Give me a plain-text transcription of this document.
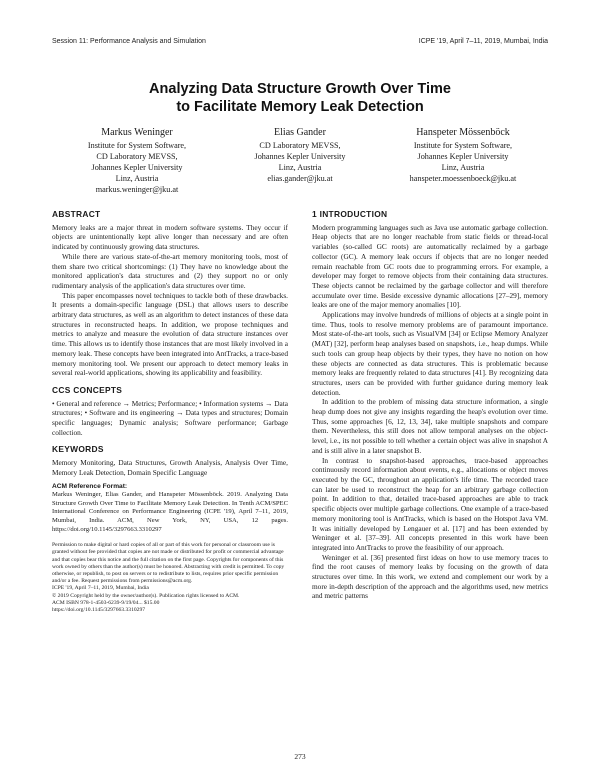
Session 11: Performance Analysis and Simulation	ICPE '19, April 7–11, 2019, Mumbai, India
Analyzing Data Structure Growth Over Time
to Facilitate Memory Leak Detection
Markus Weninger
Institute for System Software,
CD Laboratory MEVSS,
Johannes Kepler University
Linz, Austria
markus.weninger@jku.at
Elias Gander
CD Laboratory MEVSS,
Johannes Kepler University
Linz, Austria
elias.gander@jku.at
Hanspeter Mössenböck
Institute for System Software,
Johannes Kepler University
Linz, Austria
hanspeter.moessenboeck@jku.at
ABSTRACT

Memory leaks are a major threat in modern software systems. They occur if objects are unintentionally kept alive longer than necessary and are often indicated by continuously growing data structures.

While there are various state-of-the-art memory monitoring tools, most of them share two critical shortcomings: (1) They have no knowledge about the monitored application's data structures and (2) they support no or only rudimentary analysis of the application's data structures over time.

This paper encompasses novel techniques to tackle both of these drawbacks. It presents a domain-specific language (DSL) that allows users to describe arbitrary data structures, as well as an algorithm to detect instances of these data structures in reconstructed heaps. In addition, we propose techniques and metrics to analyze and measure the evolution of data structure instances over time. This allows us to identify those instances that are most likely involved in a memory leak. These concepts have been integrated into AntTracks, a trace-based memory monitoring tool. We present our approach to detect memory leaks in several real-world applications, showing its applicability and feasibility.

CCS CONCEPTS

• General and reference → Metrics; Performance; • Information systems → Data structures; • Software and its engineering → Data types and structures; Domain specific languages; Dynamic analysis; Software performance; Garbage collection.

KEYWORDS

Memory Monitoring, Data Structures, Growth Analysis, Analysis Over Time, Memory Leak Detection, Domain Specific Language

ACM Reference Format:
Markus Weninger, Elias Gander, and Hanspeter Mössenböck. 2019. Analyzing Data Structure Growth Over Time to Facilitate Memory Leak Detection. In Tenth ACM/SPEC International Conference on Performance Engineering (ICPE '19), April 7–11, 2019, Mumbai, India. ACM, New York, NY, USA, 12 pages. https://doi.org/10.1145/3297663.3310297
Permission to make digital or hard copies of all or part of this work for personal or classroom use is granted without fee provided that copies are not made or distributed for profit or commercial advantage and that copies bear this notice and the full citation on the first page. Copyrights for components of this work owned by others than the author(s) must be honored. Abstracting with credit is permitted. To copy otherwise, or republish, to post on servers or to redistribute to lists, requires prior specific permission and/or a fee. Request permissions from permissions@acm.org.
ICPE '19, April 7–11, 2019, Mumbai, India
© 2019 Copyright held by the owner/author(s). Publication rights licensed to ACM.
ACM ISBN 978-1-4503-6239-9/19/04... $15.00
https://doi.org/10.1145/3297663.3310297
1 INTRODUCTION

Modern programming languages such as Java use automatic garbage collection. Heap objects that are no longer reachable from static fields or thread-local variables (so-called GC roots) are automatically reclaimed by a garbage collector (GC). A memory leak occurs if objects that are no longer needed remain reachable from GC roots due to programming errors. For example, a developer may forget to remove objects from their containing data structures. These objects cannot be reclaimed by the garbage collector and will therefore accumulate over time. Beside excessive dynamic allocations [27–29], memory leaks are one of the major memory anomalies [10].

Applications may involve hundreds of millions of objects at a single point in time. Thus, tools to resolve memory problems are of paramount importance. Most state-of-the-art tools, such as VisualVM [34] or Eclipse Memory Analyzer (MAT) [32], perform heap analyses based on snapshots, i.e., heap dumps. While such tools can group heap objects by their types, they have no notion on how these objects are connected as data structures. This is problematic because memory leaks are frequently related to data structures [41]. By recognizing data structures, users can be provided with further guidance during memory leak detection.

In addition to the problem of missing data structure information, a single heap dump does not give any insights regarding the heap's evolution over time. Thus, some approaches [6, 12, 13, 34], take multiple snapshots and compare them. Nevertheless, this still does not allow temporal analyses on the object-level, i.e., its not possible to tell whether a certain object was alive in snapshot A and is still alive in a later snapshot B.

In contrast to snapshot-based approaches, trace-based approaches continuously record information about events, e.g., allocations or object moves executed by the GC, throughout an application's life time. The recorded trace can later be used to reconstruct the heap for an arbitrary garbage collection point. In addition to that, detailed trace-based approaches are able to track specific objects over multiple garbage collections. One example of a trace-based memory monitoring tool is AntTracks, which is based on the Hotspot Java VM. It was initially developed by Lengauer et al. [17] and has been extended by Weninger et al. [37–39]. All concepts presented in this work have been integrated into AntTracks to prove the feasibility of our approach.

Weninger et al. [36] presented first ideas on how to use memory traces to find the root causes of memory leaks by focusing on the growth of data structures over time. In this work, we extend and complement our work by a more in-depth description of the approach and the algorithms used, new metrics and metric patterns

273
